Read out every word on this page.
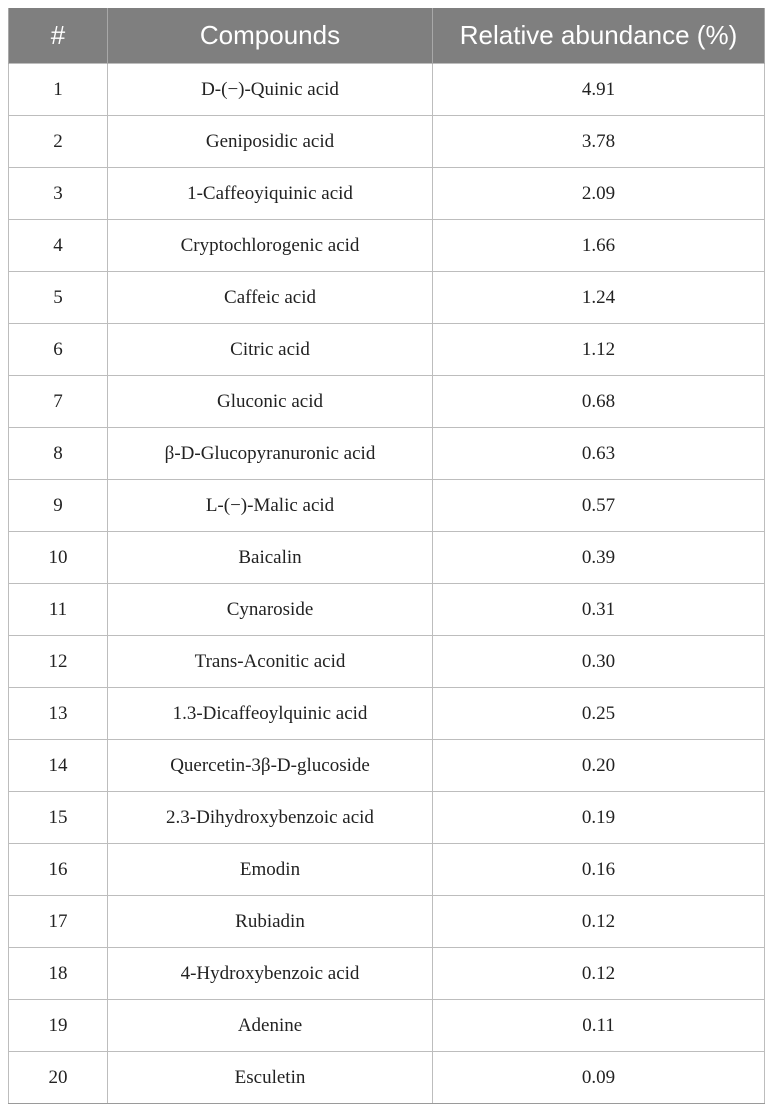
#	Compounds	Relative abundance (%)
1	D-(−)-Quinic acid	4.91
2	Geniposidic acid	3.78
3	1-Caffeoyiquinic acid	2.09
4	Cryptochlorogenic acid	1.66
5	Caffeic acid	1.24
6	Citric acid	1.12
7	Gluconic acid	0.68
8	β-D-Glucopyranuronic acid	0.63
9	L-(−)-Malic acid	0.57
10	Baicalin	0.39
11	Cynaroside	0.31
12	Trans-Aconitic acid	0.30
13	1.3-Dicaffeoylquinic acid	0.25
14	Quercetin-3β-D-glucoside	0.20
15	2.3-Dihydroxybenzoic acid	0.19
16	Emodin	0.16
17	Rubiadin	0.12
18	4-Hydroxybenzoic acid	0.12
19	Adenine	0.11
20	Esculetin	0.09
